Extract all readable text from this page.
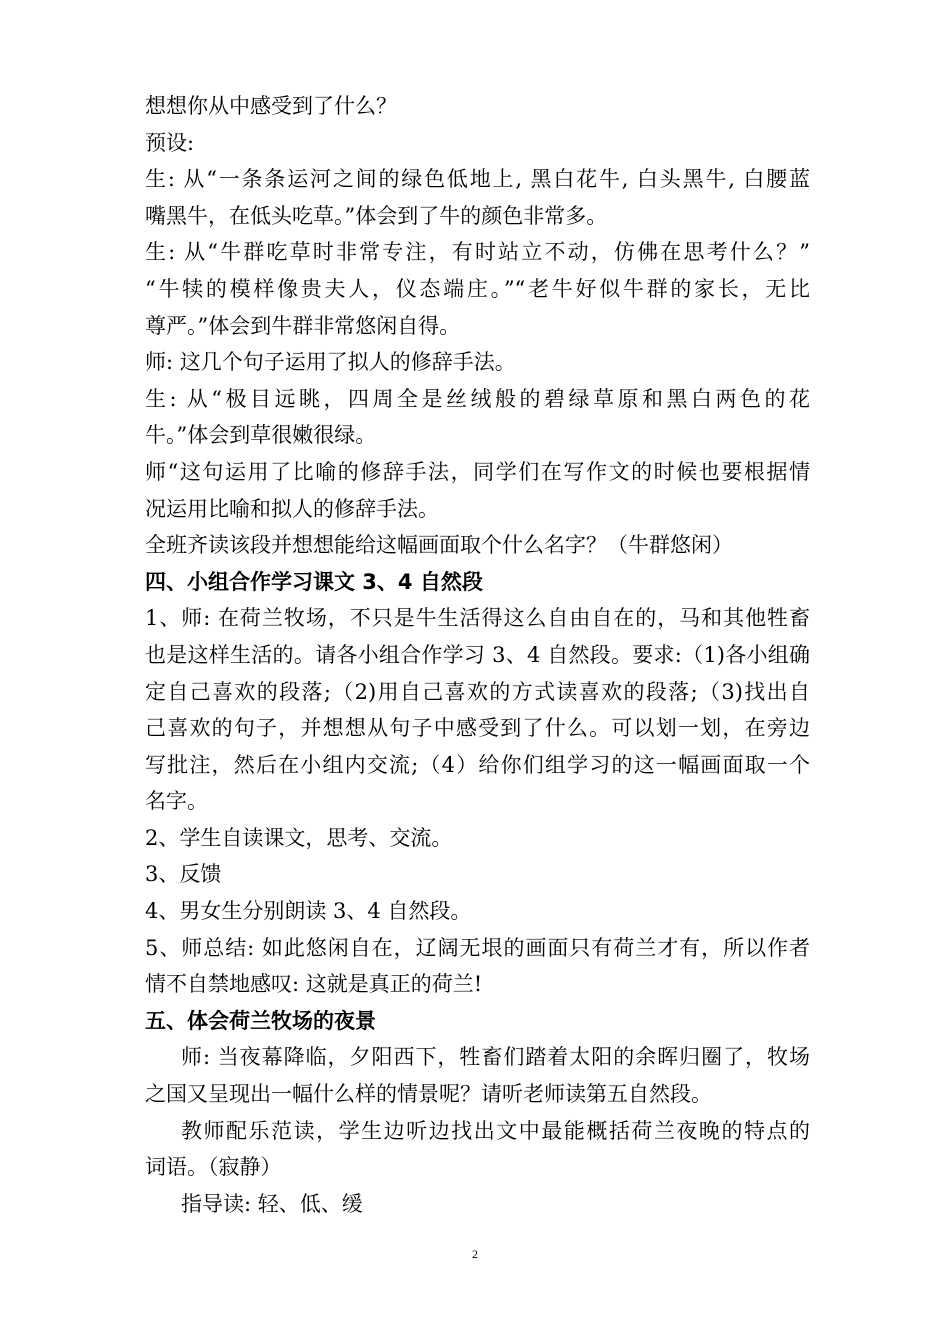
想想你从中感受到了什么？
预设:
生: 从“一条条运河之间的绿色低地上, 黑白花牛, 白头黑牛, 白腰蓝
嘴黑牛，在低头吃草。”体会到了牛的颜色非常多。
生: 从“牛群吃草时非常专注，有时站立不动，仿佛在思考什么？”
“牛犊的模样像贵夫人，仪态端庄。”“老牛好似牛群的家长，无比
尊严。”体会到牛群非常悠闲自得。
师: 这几个句子运用了拟人的修辞手法。
生: 从“极目远眺，四周全是丝绒般的碧绿草原和黑白两色的花
牛。”体会到草很嫩很绿。
师“这句运用了比喻的修辞手法，同学们在写作文的时候也要根据情
况运用比喻和拟人的修辞手法。
全班齐读该段并想想能给这幅画面取个什么名字？（牛群悠闲）
四、小组合作学习课文 3、4 自然段
1、师: 在荷兰牧场，不只是牛生活得这么自由自在的，马和其他牲畜
也是这样生活的。请各小组合作学习 3、4 自然段。要求:（1)各小组确
定自己喜欢的段落;（2)用自己喜欢的方式读喜欢的段落;（3)找出自
己喜欢的句子，并想想从句子中感受到了什么。可以划一划，在旁边
写批注，然后在小组内交流;（4）给你们组学习的这一幅画面取一个
名字。
2、学生自读课文，思考、交流。
3、反馈
4、男女生分别朗读 3、4 自然段。
5、师总结: 如此悠闲自在，辽阔无垠的画面只有荷兰才有，所以作者
情不自禁地感叹: 这就是真正的荷兰!
五、体会荷兰牧场的夜景
师: 当夜幕降临，夕阳西下，牲畜们踏着太阳的余晖归圈了，牧场
之国又呈现出一幅什么样的情景呢？请听老师读第五自然段。
教师配乐范读，学生边听边找出文中最能概括荷兰夜晚的特点的
词语。（寂静）
指导读: 轻、低、缓
2
